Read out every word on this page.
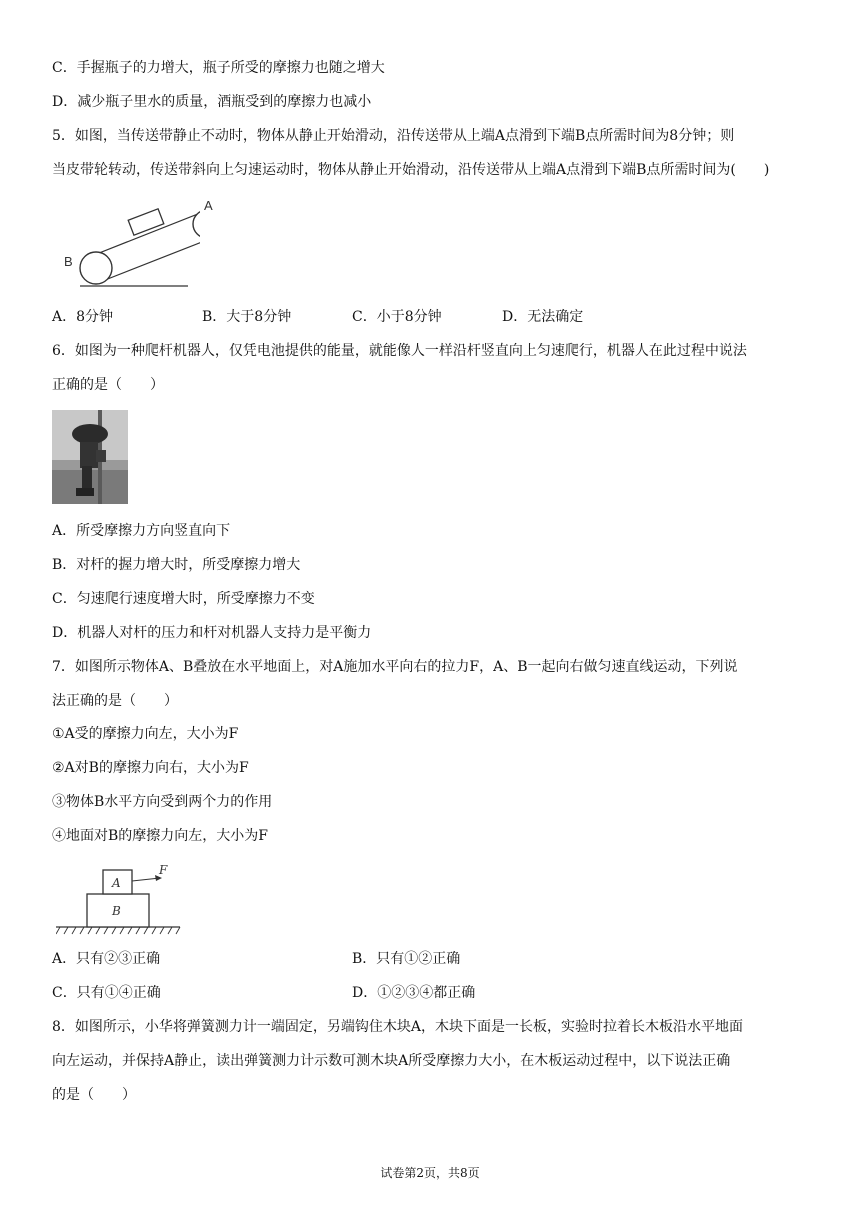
C．手握瓶子的力增大，瓶子所受的摩擦力也随之增大
D．减少瓶子里水的质量，酒瓶受到的摩擦力也减小
5．如图，当传送带静止不动时，物体从静止开始滑动，沿传送带从上端A点滑到下端B点所需时间为8分钟；则
当皮带轮转动，传送带斜向上匀速运动时，物体从静止开始滑动，沿传送带从上端A点滑到下端B点所需时间为(　　)
B
A
A．8分钟	B．大于8分钟	C．小于8分钟	D．无法确定
6．如图为一种爬杆机器人，仅凭电池提供的能量，就能像人一样沿杆竖直向上匀速爬行，机器人在此过程中说法
正确的是（　　）
A．所受摩擦力方向竖直向下
B．对杆的握力增大时，所受摩擦力增大
C．匀速爬行速度增大时，所受摩擦力不变
D．机器人对杆的压力和杆对机器人支持力是平衡力
7．如图所示物体A、B叠放在水平地面上，对A施加水平向右的拉力F，A、B一起向右做匀速直线运动，下列说
法正确的是（　　）
①A受的摩擦力向左，大小为F
②A对B的摩擦力向右，大小为F
③物体B水平方向受到两个力的作用
④地面对B的摩擦力向左，大小为F
A
B
F
A．只有②③正确	B．只有①②正确
C．只有①④正确	D．①②③④都正确
8．如图所示，小华将弹簧测力计一端固定，另端钩住木块A，木块下面是一长板，实验时拉着长木板沿水平地面
向左运动，并保持A静止，读出弹簧测力计示数可测木块A所受摩擦力大小，在木板运动过程中，以下说法正确
的是（　　）
试卷第2页，共8页
